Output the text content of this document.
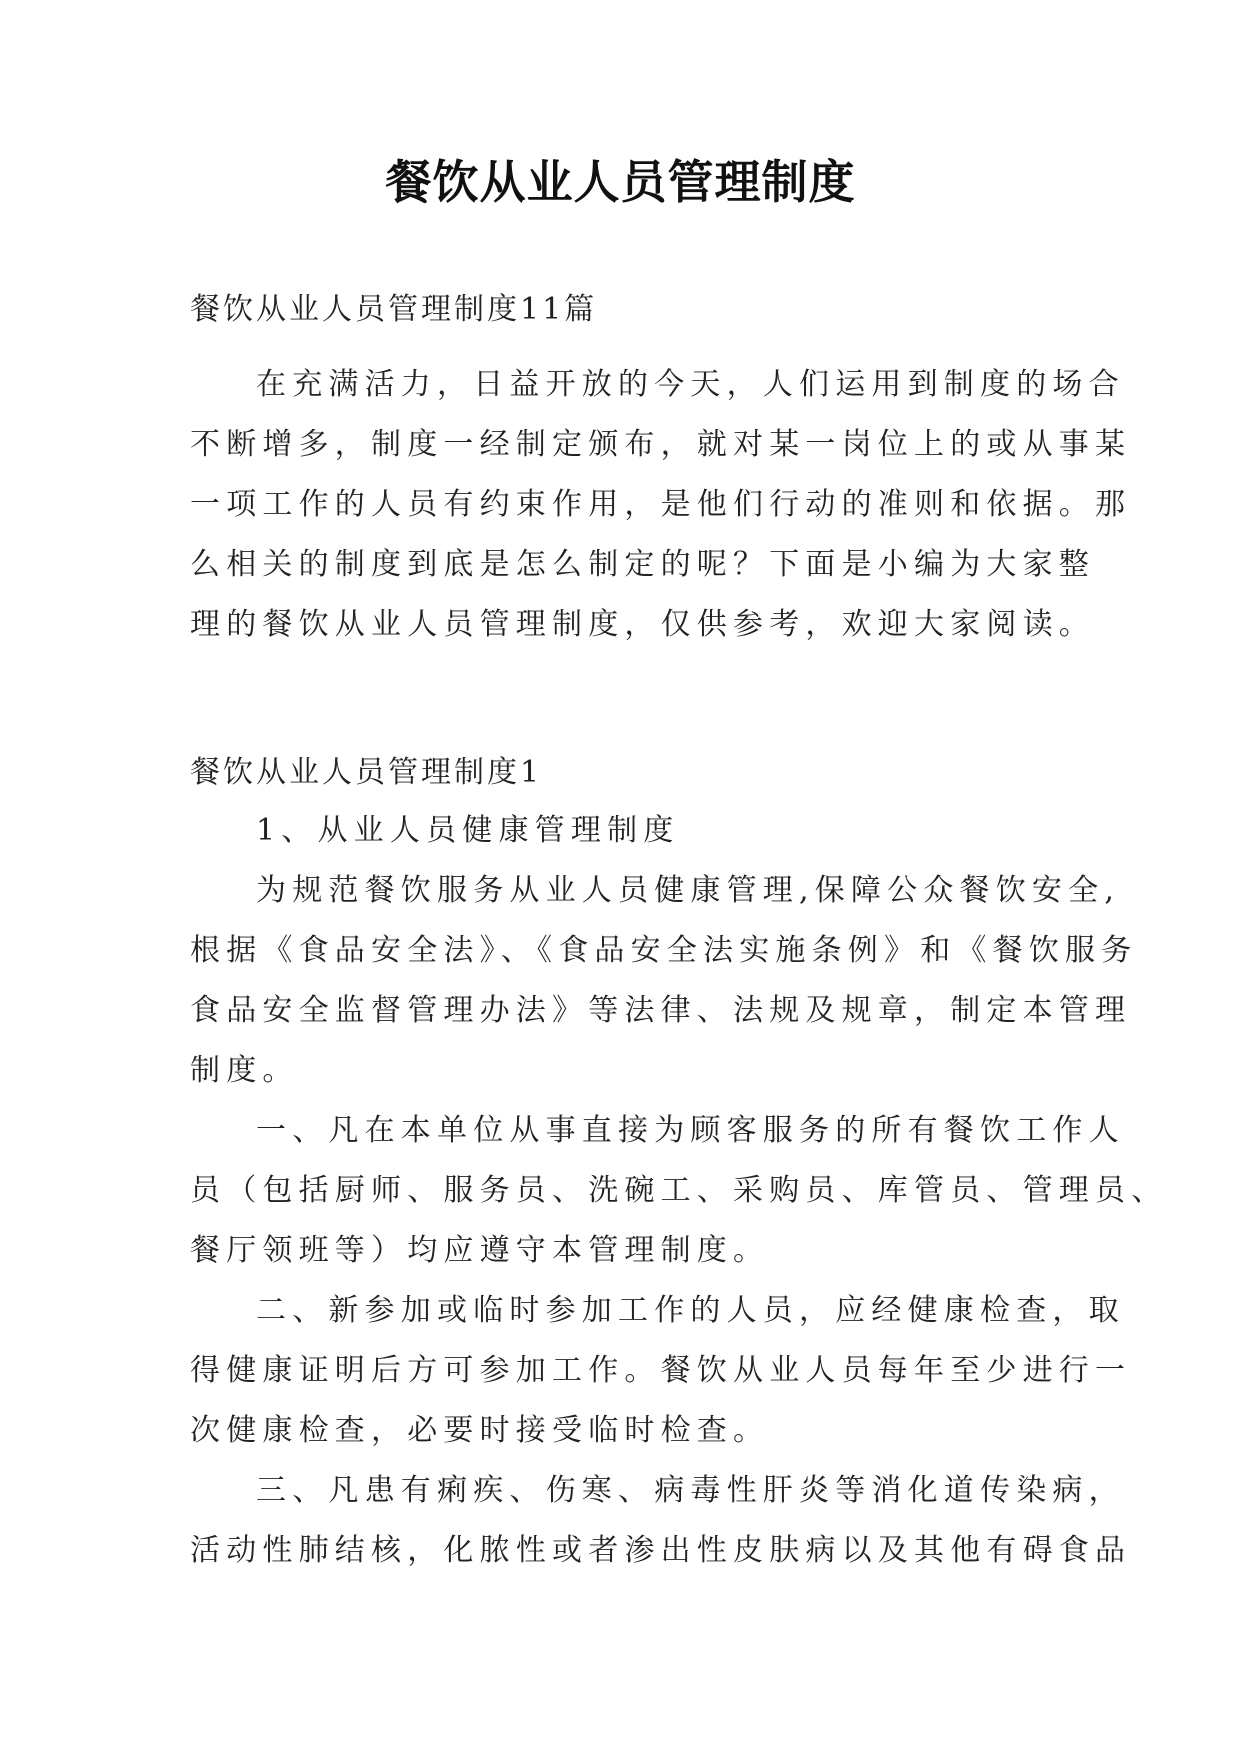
餐饮从业人员管理制度
餐饮从业人员管理制度11篇
在充满活力，日益开放的今天，人们运用到制度的场合
不断增多，制度一经制定颁布，就对某一岗位上的或从事某
一项工作的人员有约束作用，是他们行动的准则和依据。那
么相关的制度到底是怎么制定的呢？下面是小编为大家整
理的餐饮从业人员管理制度，仅供参考，欢迎大家阅读。
餐饮从业人员管理制度1
1、从业人员健康管理制度
为规范餐饮服务从业人员健康管理,保障公众餐饮安全,
根据《食品安全法》、《食品安全法实施条例》和《餐饮服务
食品安全监督管理办法》等法律、法规及规章，制定本管理
制度。
一、凡在本单位从事直接为顾客服务的所有餐饮工作人
员（包括厨师、服务员、洗碗工、采购员、库管员、管理员、
餐厅领班等）均应遵守本管理制度。
二、新参加或临时参加工作的人员，应经健康检查，取
得健康证明后方可参加工作。餐饮从业人员每年至少进行一
次健康检查，必要时接受临时检查。
三、凡患有痢疾、伤寒、病毒性肝炎等消化道传染病，
活动性肺结核，化脓性或者渗出性皮肤病以及其他有碍食品
